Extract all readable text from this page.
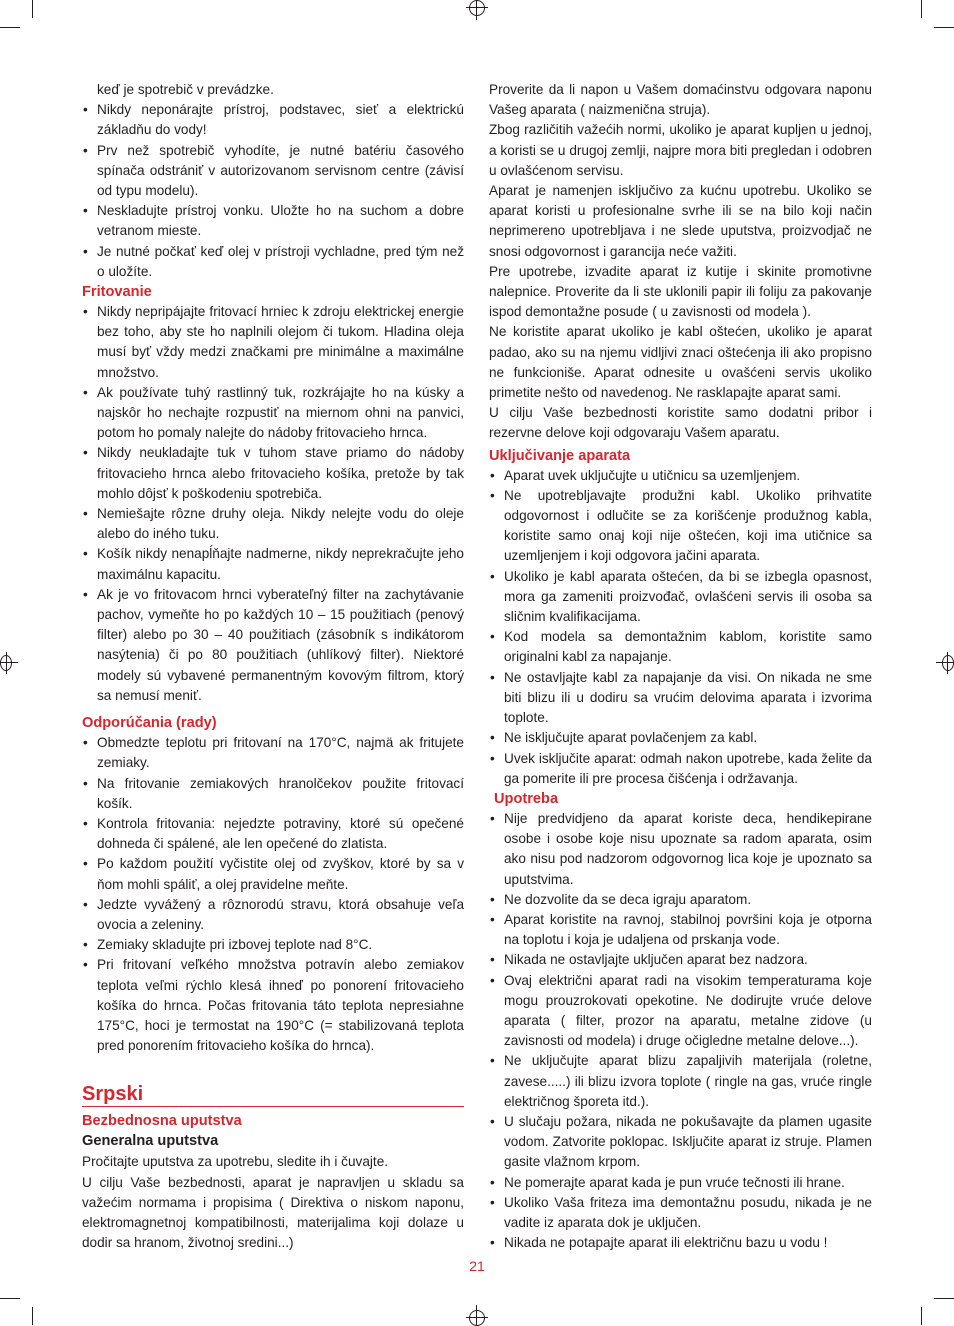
keď je spotrebič v prevádzke.

• Nikdy neponárajte prístroj, podstavec, sieť a elektrickú základňu do vody!
• Prv než spotrebič vyhodíte, je nutné batériu časového spínača odstrániť v autorizovanom servisnom centre (závisí od typu modelu).
• Neskladujte prístroj vonku. Uložte ho na suchom a dobre vetranom mieste.
• Je nutné počkať keď olej v prístroji vychladne, pred tým než o uložíte.

Fritovanie

• Nikdy nepripájajte fritovací hrniec k zdroju elektrickej energie bez toho, aby ste ho naplnili olejom či tukom. Hladina oleja musí byť vždy medzi značkami pre minimálne a maximálne množstvo.
• Ak používate tuhý rastlinný tuk, rozkrájajte ho na kúsky a najskôr ho nechajte rozpustiť na miernom ohni na panvici, potom ho pomaly nalejte do nádoby fritovacieho hrnca.
• Nikdy neukladajte tuk v tuhom stave priamo do nádoby fritovacieho hrnca alebo fritovacieho košíka, pretože by tak mohlo dôjsť k poškodeniu spotrebiča.
• Nemiešajte rôzne druhy oleja. Nikdy nelejte vodu do oleje alebo do iného tuku.
• Košík nikdy nenapĺňajte nadmerne, nikdy neprekračujte jeho maximálnu kapacitu.
• Ak je vo fritovacom hrnci vyberateľný filter na zachytávanie pachov, vymeňte ho po každých 10 – 15 použitiach (penový filter) alebo po 30 – 40 použitiach (zásobník s indikátorom nasýtenia) či po 80 použitiach (uhlíkový filter). Niektoré modely sú vybavené permanentným kovovým filtrom, ktorý sa nemusí meniť.

Odporúčania (rady)

• Obmedzte teplotu pri fritovaní na 170°C, najmä ak fritujete zemiaky.
• Na fritovanie zemiakových hranolčekov použite fritovací košík.
• Kontrola fritovania: nejedzte potraviny, ktoré sú opečené dohneda či spálené, ale len opečené do zlatista.
• Po každom použití vyčistite olej od zvyškov, ktoré by sa v ňom mohli spáliť, a olej pravidelne meňte.
• Jedzte vyvážený a rôznorodú stravu, ktorá obsahuje veľa ovocia a zeleniny.
• Zemiaky skladujte pri izbovej teplote nad 8°C.
• Pri fritovaní veľkého množstva potravín alebo zemiakov teplota veľmi rýchlo klesá ihneď po ponorení fritovacieho košíka do hrnca. Počas fritovania táto teplota nepresiahne 175°C, hoci je termostat na 190°C (= stabilizovaná teplota pred ponorením fritovacieho košíka do hrnca).

Srpski

Bezbednosna uputstva

Generalna uputstva

Pročitajte uputstva za upotrebu, sledite ih i čuvajte.

U cilju Vaše bezbednosti, aparat je napravljen u skladu sa važećim normama i propisima ( Direktiva o niskom naponu, elektromagnetnoj kompatibilnosti, materijalima koji dolaze u dodir sa hranom, životnoj sredini...)

Proverite da li napon u Vašem domaćinstvu odgovara naponu Vašeg aparata ( naizmenična struja).

Zbog različitih važećih normi, ukoliko je aparat kupljen u jednoj, a koristi se u drugoj zemlji, najpre mora biti pregledan i odobren u ovlašćenom servisu.

Aparat je namenjen isključivo za kućnu upotrebu. Ukoliko se aparat koristi u profesionalne svrhe ili se na bilo koji način neprimereno upotrebljava i ne slede uputstva, proizvodjač ne snosi odgovornost i garancija neće važiti.

Pre upotrebe, izvadite aparat iz kutije i skinite promotivne nalepnice. Proverite da li ste uklonili papir ili foliju za pakovanje ispod demontažne posude ( u zavisnosti od modela ).

Ne koristite aparat ukoliko je kabl oštećen, ukoliko je aparat padao, ako su na njemu vidljivi znaci oštećenja ili ako propisno ne funkcioniše. Aparat odnesite u ovašćeni servis ukoliko primetite nešto od navedenog. Ne rasklapajte aparat sami.

U cilju Vaše bezbednosti koristite samo dodatni pribor i rezervne delove koji odgovaraju Vašem aparatu.

Uključivanje aparata

• Aparat uvek uključujte u utičnicu sa uzemljenjem.
• Ne upotrebljavajte produžni kabl. Ukoliko prihvatite odgovornost i odlučite se za korišćenje produžnog kabla, koristite samo onaj koji nije oštećen, koji ima utičnice sa uzemljenjem i koji odgovora jačini aparata.
• Ukoliko je kabl aparata oštećen, da bi se izbegla opasnost, mora ga zameniti proizvođač, ovlašćeni servis ili osoba sa sličnim kvalifikacijama.
• Kod modela sa demontažnim kablom, koristite samo originalni kabl za napajanje.
• Ne ostavljajte kabl za napajanje da visi. On nikada ne sme biti blizu ili u dodiru sa vrućim delovima aparata i izvorima toplote.
• Ne isključujte aparat povlačenjem za kabl.
• Uvek isključite aparat: odmah nakon upotrebe, kada želite da ga pomerite ili pre procesa čišćenja i održavanja.

Upotreba

• Nije predvidjeno da aparat koriste deca, hendikepirane osobe i osobe koje nisu upoznate sa radom aparata, osim ako nisu pod nadzorom odgovornog lica koje je upoznato sa uputstvima.
• Ne dozvolite da se deca igraju aparatom.
• Aparat koristite na ravnoj, stabilnoj površini koja je otporna na toplotu i koja je udaljena od prskanja vode.
• Nikada ne ostavljajte uključen aparat bez nadzora.
• Ovaj električni aparat radi na visokim temperaturama koje mogu prouzrokovati opekotine. Ne dodirujte vruće delove aparata ( filter, prozor na aparatu, metalne zidove (u zavisnosti od modela) i druge očigledne metalne delove...).
• Ne uključujte aparat blizu zapaljivih materijala (roletne, zavese.....) ili blizu izvora toplote ( ringle na gas, vruće ringle električnog šporeta itd.).
• U slučaju požara, nikada ne pokušavajte da plamen ugasite vodom. Zatvorite poklopac. Isključite aparat iz struje. Plamen gasite vlažnom krpom.
• Ne pomerajte aparat kada je pun vruće tečnosti ili hrane.
• Ukoliko Vaša friteza ima demontažnu posudu, nikada je ne vadite iz aparata dok je uključen.
• Nikada ne potapajte aparat ili električnu bazu u vodu !
21
